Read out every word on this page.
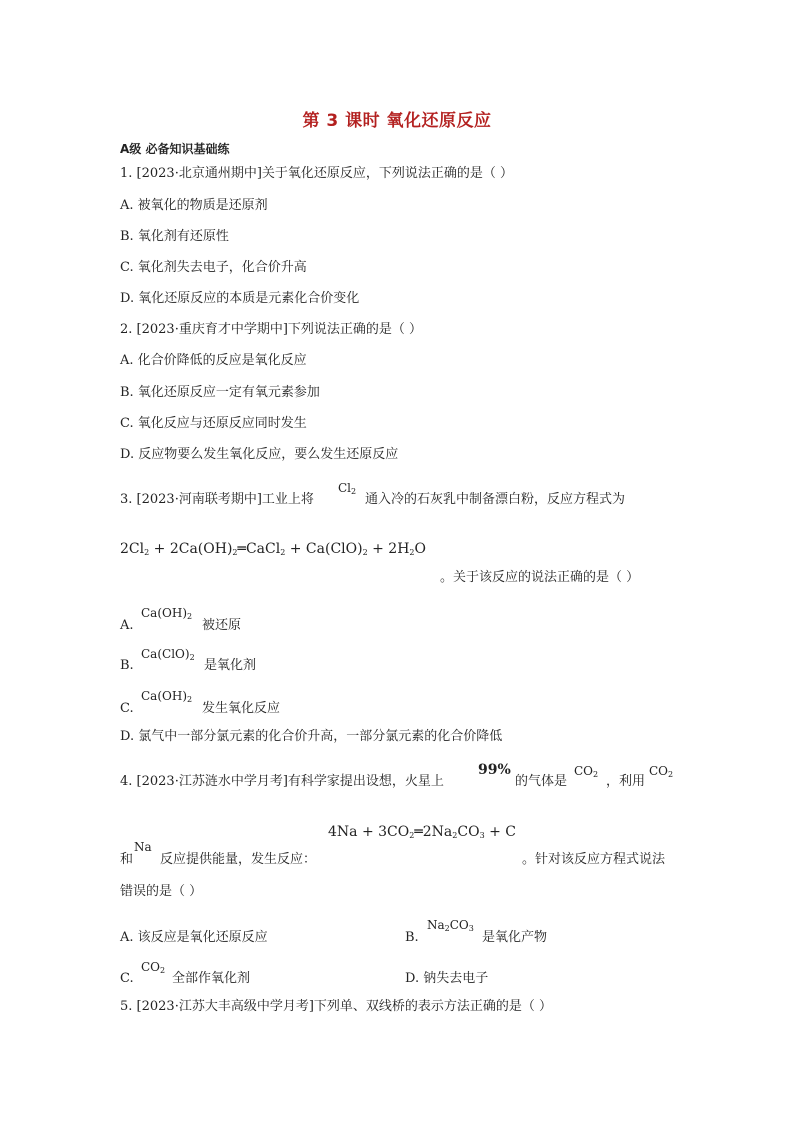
第 3 课时 氧化还原反应
A级 必备知识基础练
1. [2023·北京通州期中]关于氧化还原反应，下列说法正确的是（ ）
A. 被氧化的物质是还原剂
B. 氧化剂有还原性
C. 氧化剂失去电子，化合价升高
D. 氧化还原反应的本质是元素化合价变化
2. [2023·重庆育才中学期中]下列说法正确的是（ ）
A. 化合价降低的反应是氧化反应
B. 氧化还原反应一定有氧元素参加
C. 氧化反应与还原反应同时发生
D. 反应物要么发生氧化反应，要么发生还原反应
3. [2023·河南联考期中]工业上将
$Cl_2$
通入冷的石灰乳中制备漂白粉，反应方程式为
$2Cl_2$ + $2Ca(OH)_2═CaCl_2 + Ca(ClO)_2 + 2H_2O$
。关于该反应的说法正确的是（ ）
A.
$Ca(OH)_2$
被还原
B.
$Ca(ClO)_2$
是氧化剂
C.
$Ca(OH)_2$
发生氧化反应
D. 氯气中一部分氯元素的化合价升高，一部分氯元素的化合价降低
4. [2023·江苏涟水中学月考]有科学家提出设想，火星上
99%
的气体是
$CO_2$ ，利用
$CO_2$
$4Na + 3CO_2═2Na_2CO_3 + C$
和
Na
反应提供能量，发生反应：	。针对该反应方程式说法
错误的是（ ）
A. 该反应是氧化还原反应	B.
$Na_2CO_3$
是氧化产物
C.
$CO_2$
全部作氧化剂	D. 钠失去电子
5. [2023·江苏大丰高级中学月考]下列单、双线桥的表示方法正确的是（ ）
